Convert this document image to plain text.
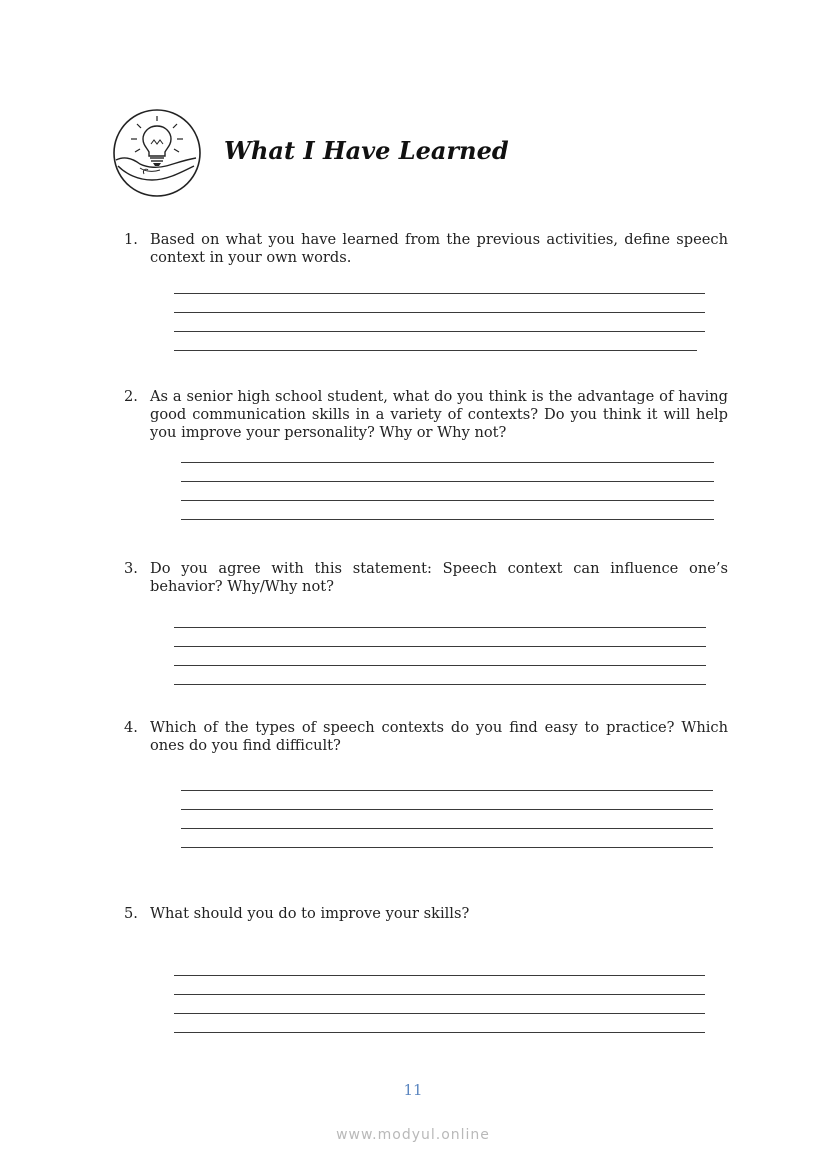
What I Have Learned
1. Based on what you have learned from the previous activities, define speech context in your own words.
2. As a senior high school student, what do you think is the advantage of having good communication skills in a variety of contexts? Do you think it will help you improve your personality? Why or Why not?
3. Do you agree with this statement: Speech context can influence one’s behavior? Why/Why not?
4. Which of the types of speech contexts do you find easy to practice? Which ones do you find difficult?
5. What should you do to improve your skills?
11
www.modyul.online
